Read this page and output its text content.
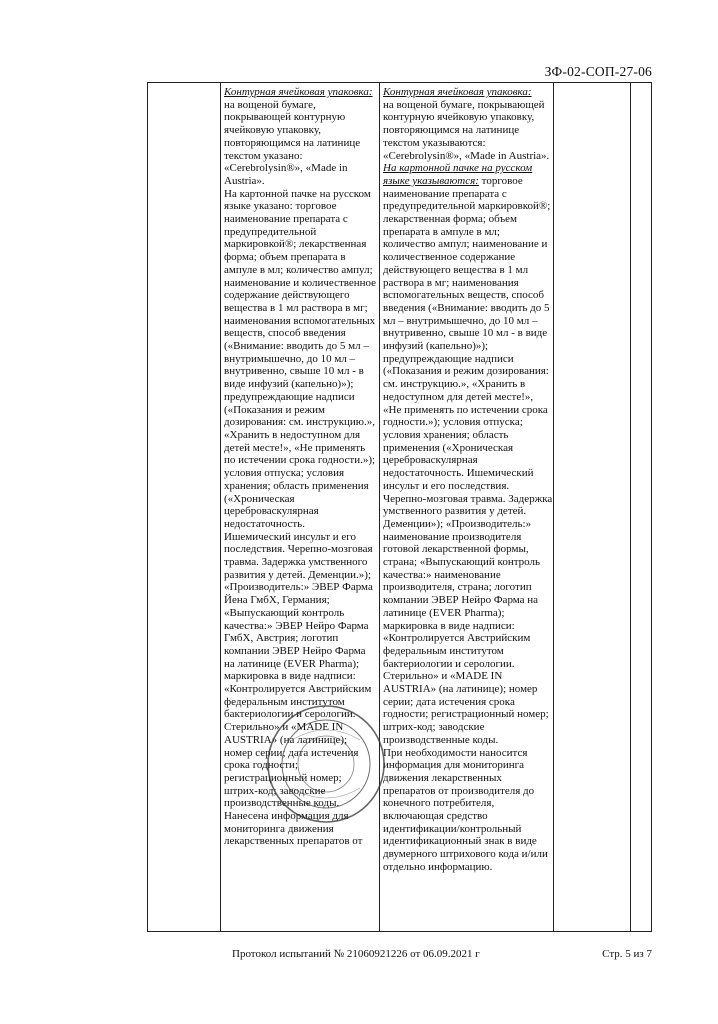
ЗФ-02-СОП-27-06
Контурная ячейковая упаковка: на вощеной бумаге, покрывающей контурную ячейковую упаковку, повторяющимся на латинице текстом указано: «Cerebrolysin®», «Made in Austria».
На картонной пачке на русском языке указано: торговое наименование препарата с предупредительной маркировкой®; лекарственная форма; объем препарата в ампуле в мл; количество ампул; наименование и количественное содержание действующего вещества в 1 мл раствора в мг; наименования вспомогательных веществ, способ введения («Внимание: вводить до 5 мл – внутримышечно, до 10 мл – внутривенно, свыше 10 мл - в виде инфузий (капельно)»); предупреждающие надписи («Показания и режим дозирования: см. инструкцию.», «Хранить в недоступном для детей месте!», «Не применять по истечении срока годности.»); условия отпуска; условия хранения; область применения («Хроническая цереброваскулярная недостаточность.
Ишемический инсульт и его последствия. Черепно-мозговая травма. Задержка умственного развития у детей. Деменции.»); «Производитель:» ЭВЕР Фарма Йена ГмбХ, Германия; «Выпускающий контроль качества:» ЭВЕР Нейро Фарма ГмбХ, Австрия; логотип компании ЭВЕР Нейро Фарма на латинице (EVER Pharma); маркировка в виде надписи: «Контролируется Австрийским федеральным институтом бактериологии и серологии. Стерильно» и «MADE IN AUSTRIA» (на латинице); номер серии; дата истечения срока годности; регистрационный номер; штрих-код; заводские производственные коды.
Нанесена информация для мониторинга движения лекарственных препаратов от
Контурная ячейковая упаковка:
на вощеной бумаге, покрывающей контурную ячейковую упаковку, повторяющимся на латинице текстом указываются: «Cerebrolysin®», «Made in Austria».
На картонной пачке на русском языке указываются: торговое наименование препарата с предупредительной маркировкой®; лекарственная форма; объем препарата в ампуле в мл; количество ампул; наименование и количественное содержание действующего вещества в 1 мл раствора в мг; наименования вспомогательных веществ, способ введения («Внимание: вводить до 5 мл – внутримышечно, до 10 мл – внутривенно, свыше 10 мл - в виде инфузий (капельно)»); предупреждающие надписи («Показания и режим дозирования: см. инструкцию.», «Хранить в недоступном для детей месте!», «Не применять по истечении срока годности.»); условия отпуска; условия хранения; область применения («Хроническая цереброваскулярная недостаточность. Ишемический инсульт и его последствия.
Черепно-мозговая травма. Задержка умственного развития у детей. Деменции»); «Производитель:» наименование производителя готовой лекарственной формы, страна; «Выпускающий контроль качества:» наименование производителя, страна; логотип компании ЭВЕР Нейро Фарма на латинице (EVER Pharma); маркировка в виде надписи: «Контролируется Австрийским федеральным институтом бактериологии и серологии. Стерильно» и «MADE IN AUSTRIA» (на латинице); номер серии; дата истечения срока годности; регистрационный номер; штрих-код; заводские производственные коды.
При необходимости наносится информация для мониторинга движения лекарственных препаратов от производителя до конечного потребителя, включающая средство идентификации/контрольный идентификационный знак в виде двумерного штрихового кода и/или отдельно информацию.
Протокол испытаний № 21060921226 от 06.09.2021 г	Стр. 5 из 7
